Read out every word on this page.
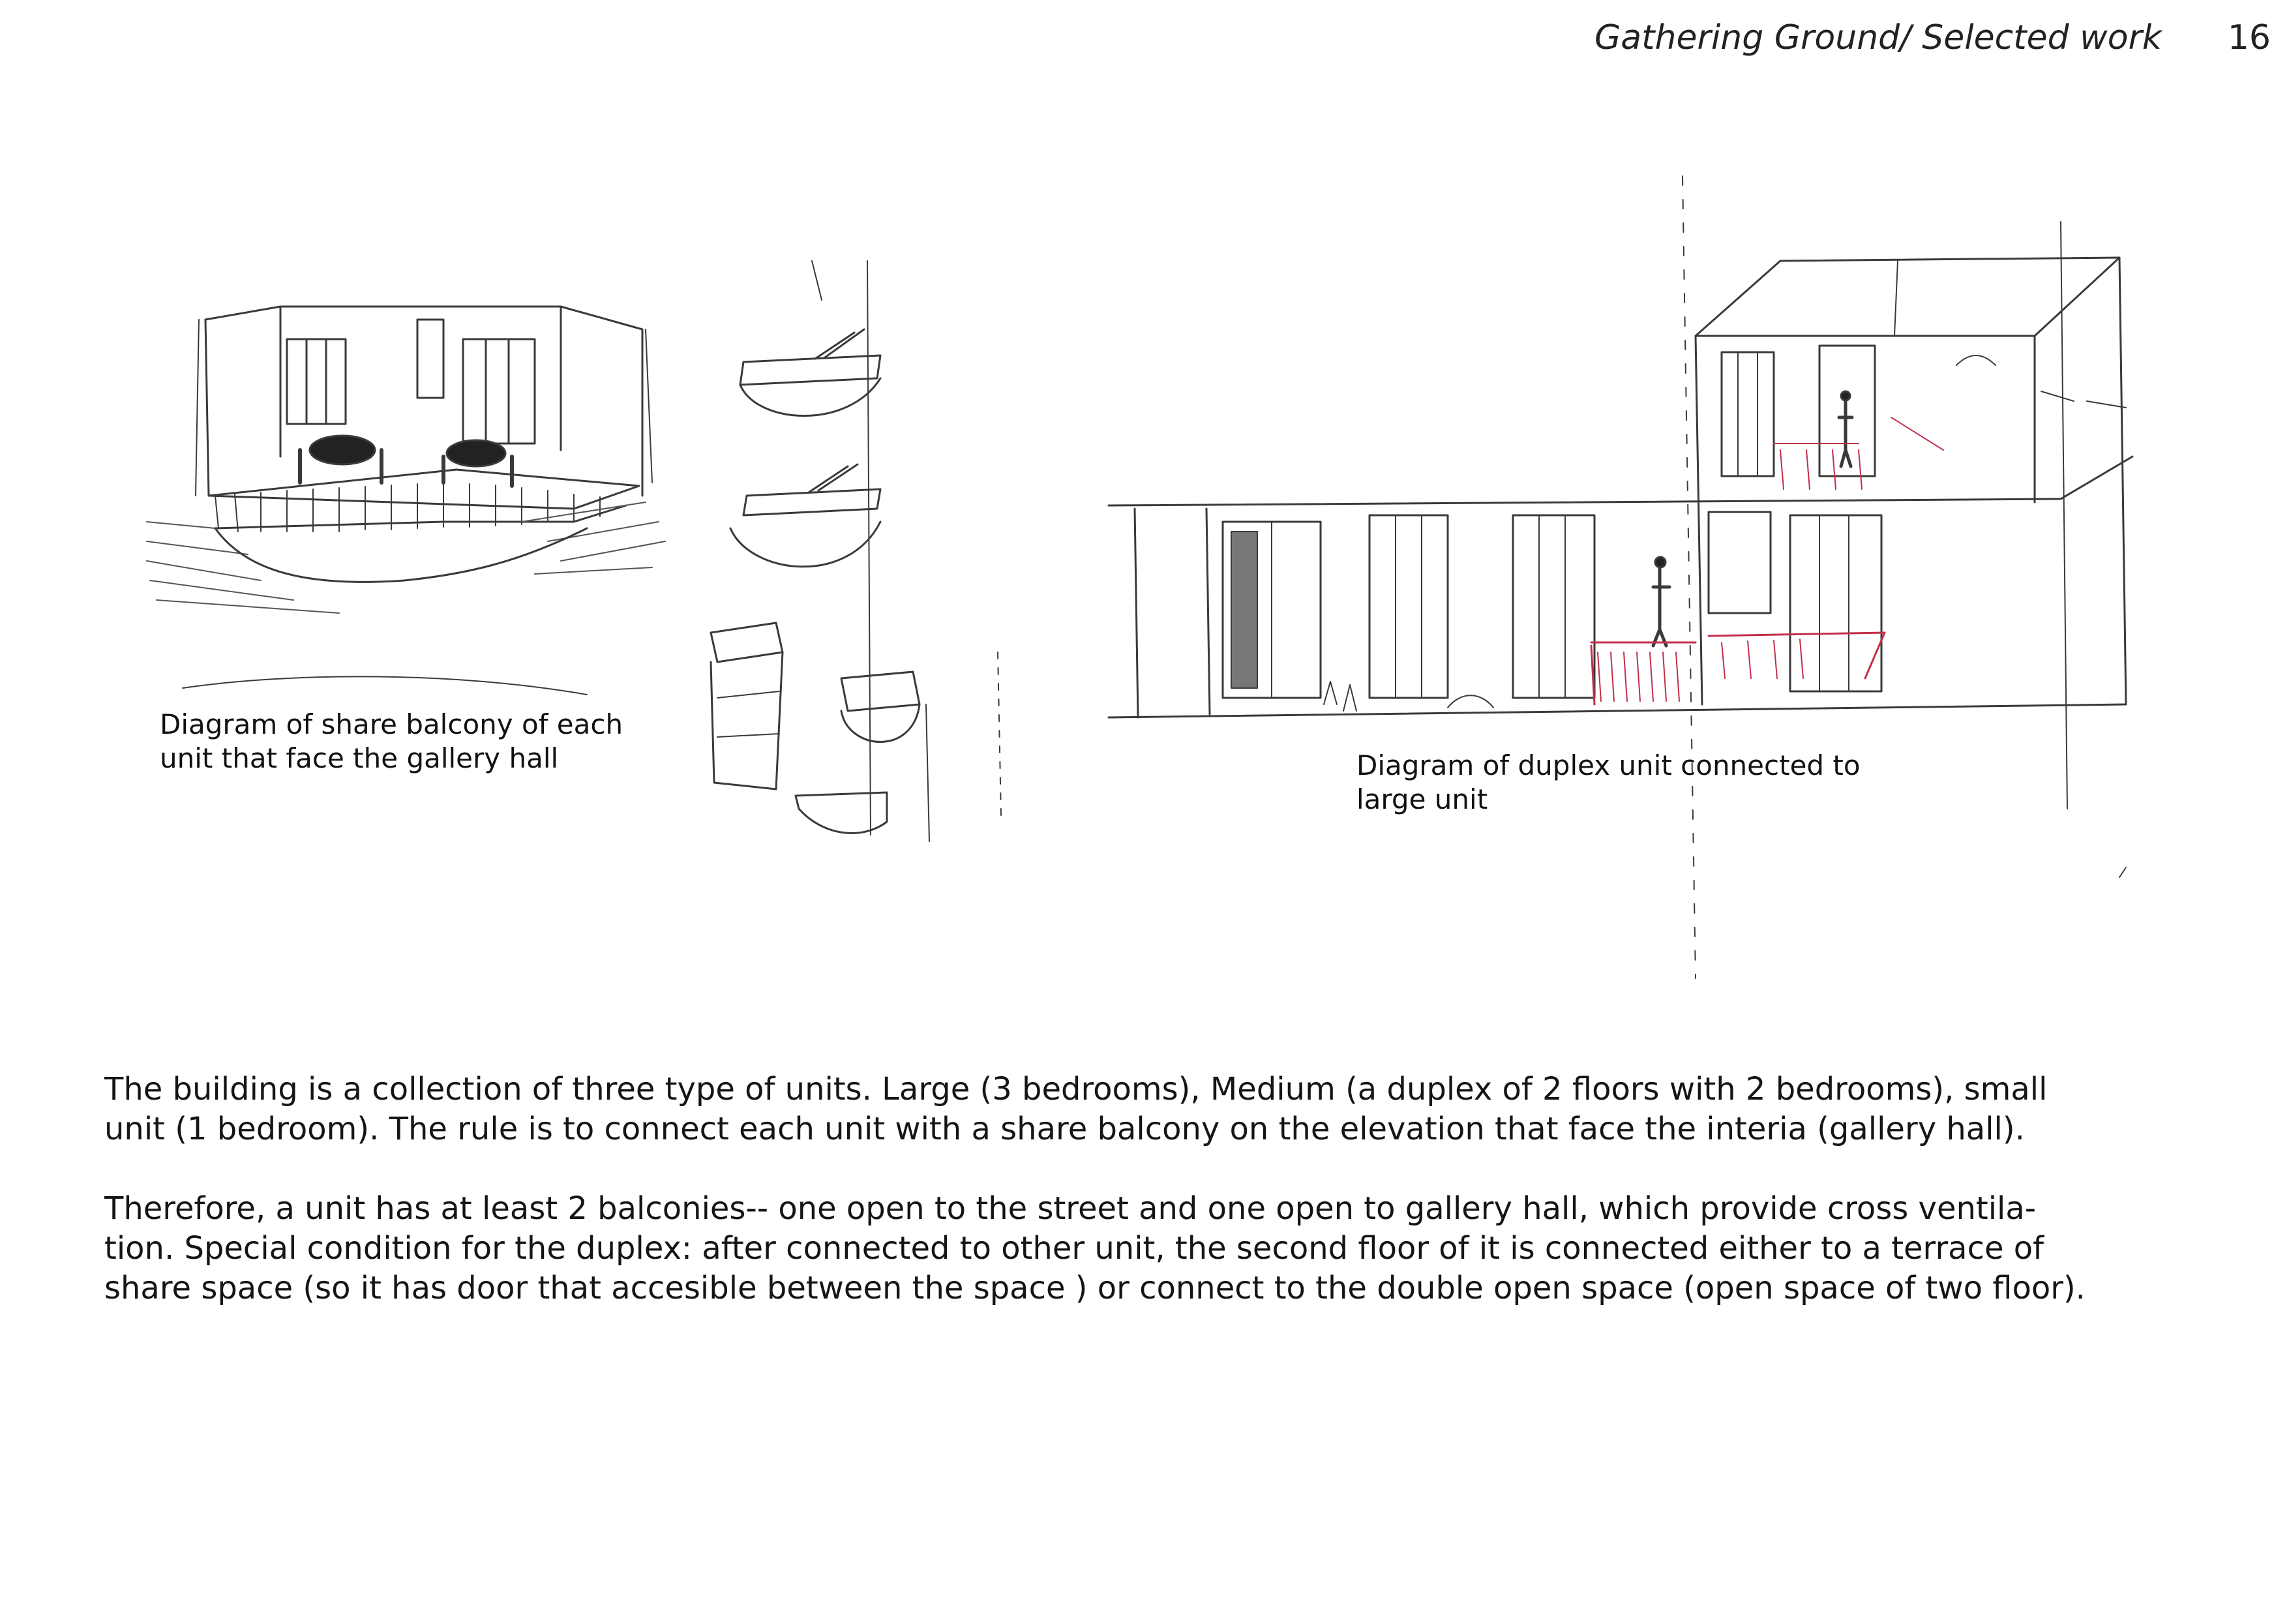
Gathering Ground/ Selected work 16
Diagram of share balcony of each
unit that face the gallery hall	Diagram of duplex unit connected to
large unit

The building is a collection of three type of units. Large (3 bedrooms), Medium (a duplex of 2 floors with 2 bedrooms), small
unit (1 bedroom). The rule is to connect each unit with a share balcony on the elevation that face the interia (gallery hall).

Therefore, a unit has at least 2 balconies-- one open to the street and one open to gallery hall, which provide cross ventila-
tion. Special condition for the duplex: after connected to other unit, the second floor of it is connected either to a terrace of
share space (so it has door that accesible between the space ) or connect to the double open space (open space of two floor).
